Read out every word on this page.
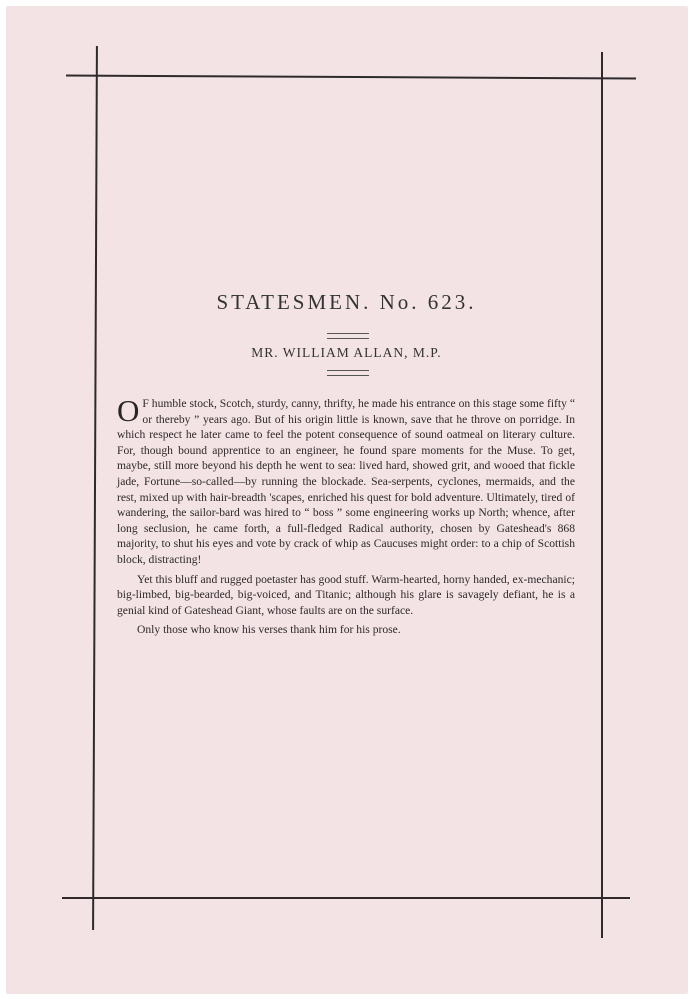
STATESMEN. No. 623.
MR. WILLIAM ALLAN, M.P.

O F humble stock, Scotch, sturdy, canny, thrifty, he made his entrance on this stage some fifty “ or thereby ” years ago. But of his origin little is known, save that he throve on porridge. In which respect he later came to feel the potent consequence of sound oatmeal on literary culture. For, though bound apprentice to an engineer, he found spare moments for the Muse. To get, maybe, still more beyond his depth he went to sea: lived hard, showed grit, and wooed that fickle jade, Fortune—so-called—by running the blockade. Sea-serpents, cyclones, mermaids, and the rest, mixed up with hair-breadth 'scapes, enriched his quest for bold adventure. Ultimately, tired of wandering, the sailor-bard was hired to “ boss ” some engineering works up North; whence, after long seclusion, he came forth, a full-fledged Radical authority, chosen by Gateshead's 868 majority, to shut his eyes and vote by crack of whip as Caucuses might order: to a chip of Scottish block, distracting!

Yet this bluff and rugged poetaster has good stuff. Warm-hearted, horny handed, ex-mechanic; big-limbed, big-bearded, big-voiced, and Titanic; although his glare is savagely defiant, he is a genial kind of Gateshead Giant, whose faults are on the surface.

Only those who know his verses thank him for his prose.
